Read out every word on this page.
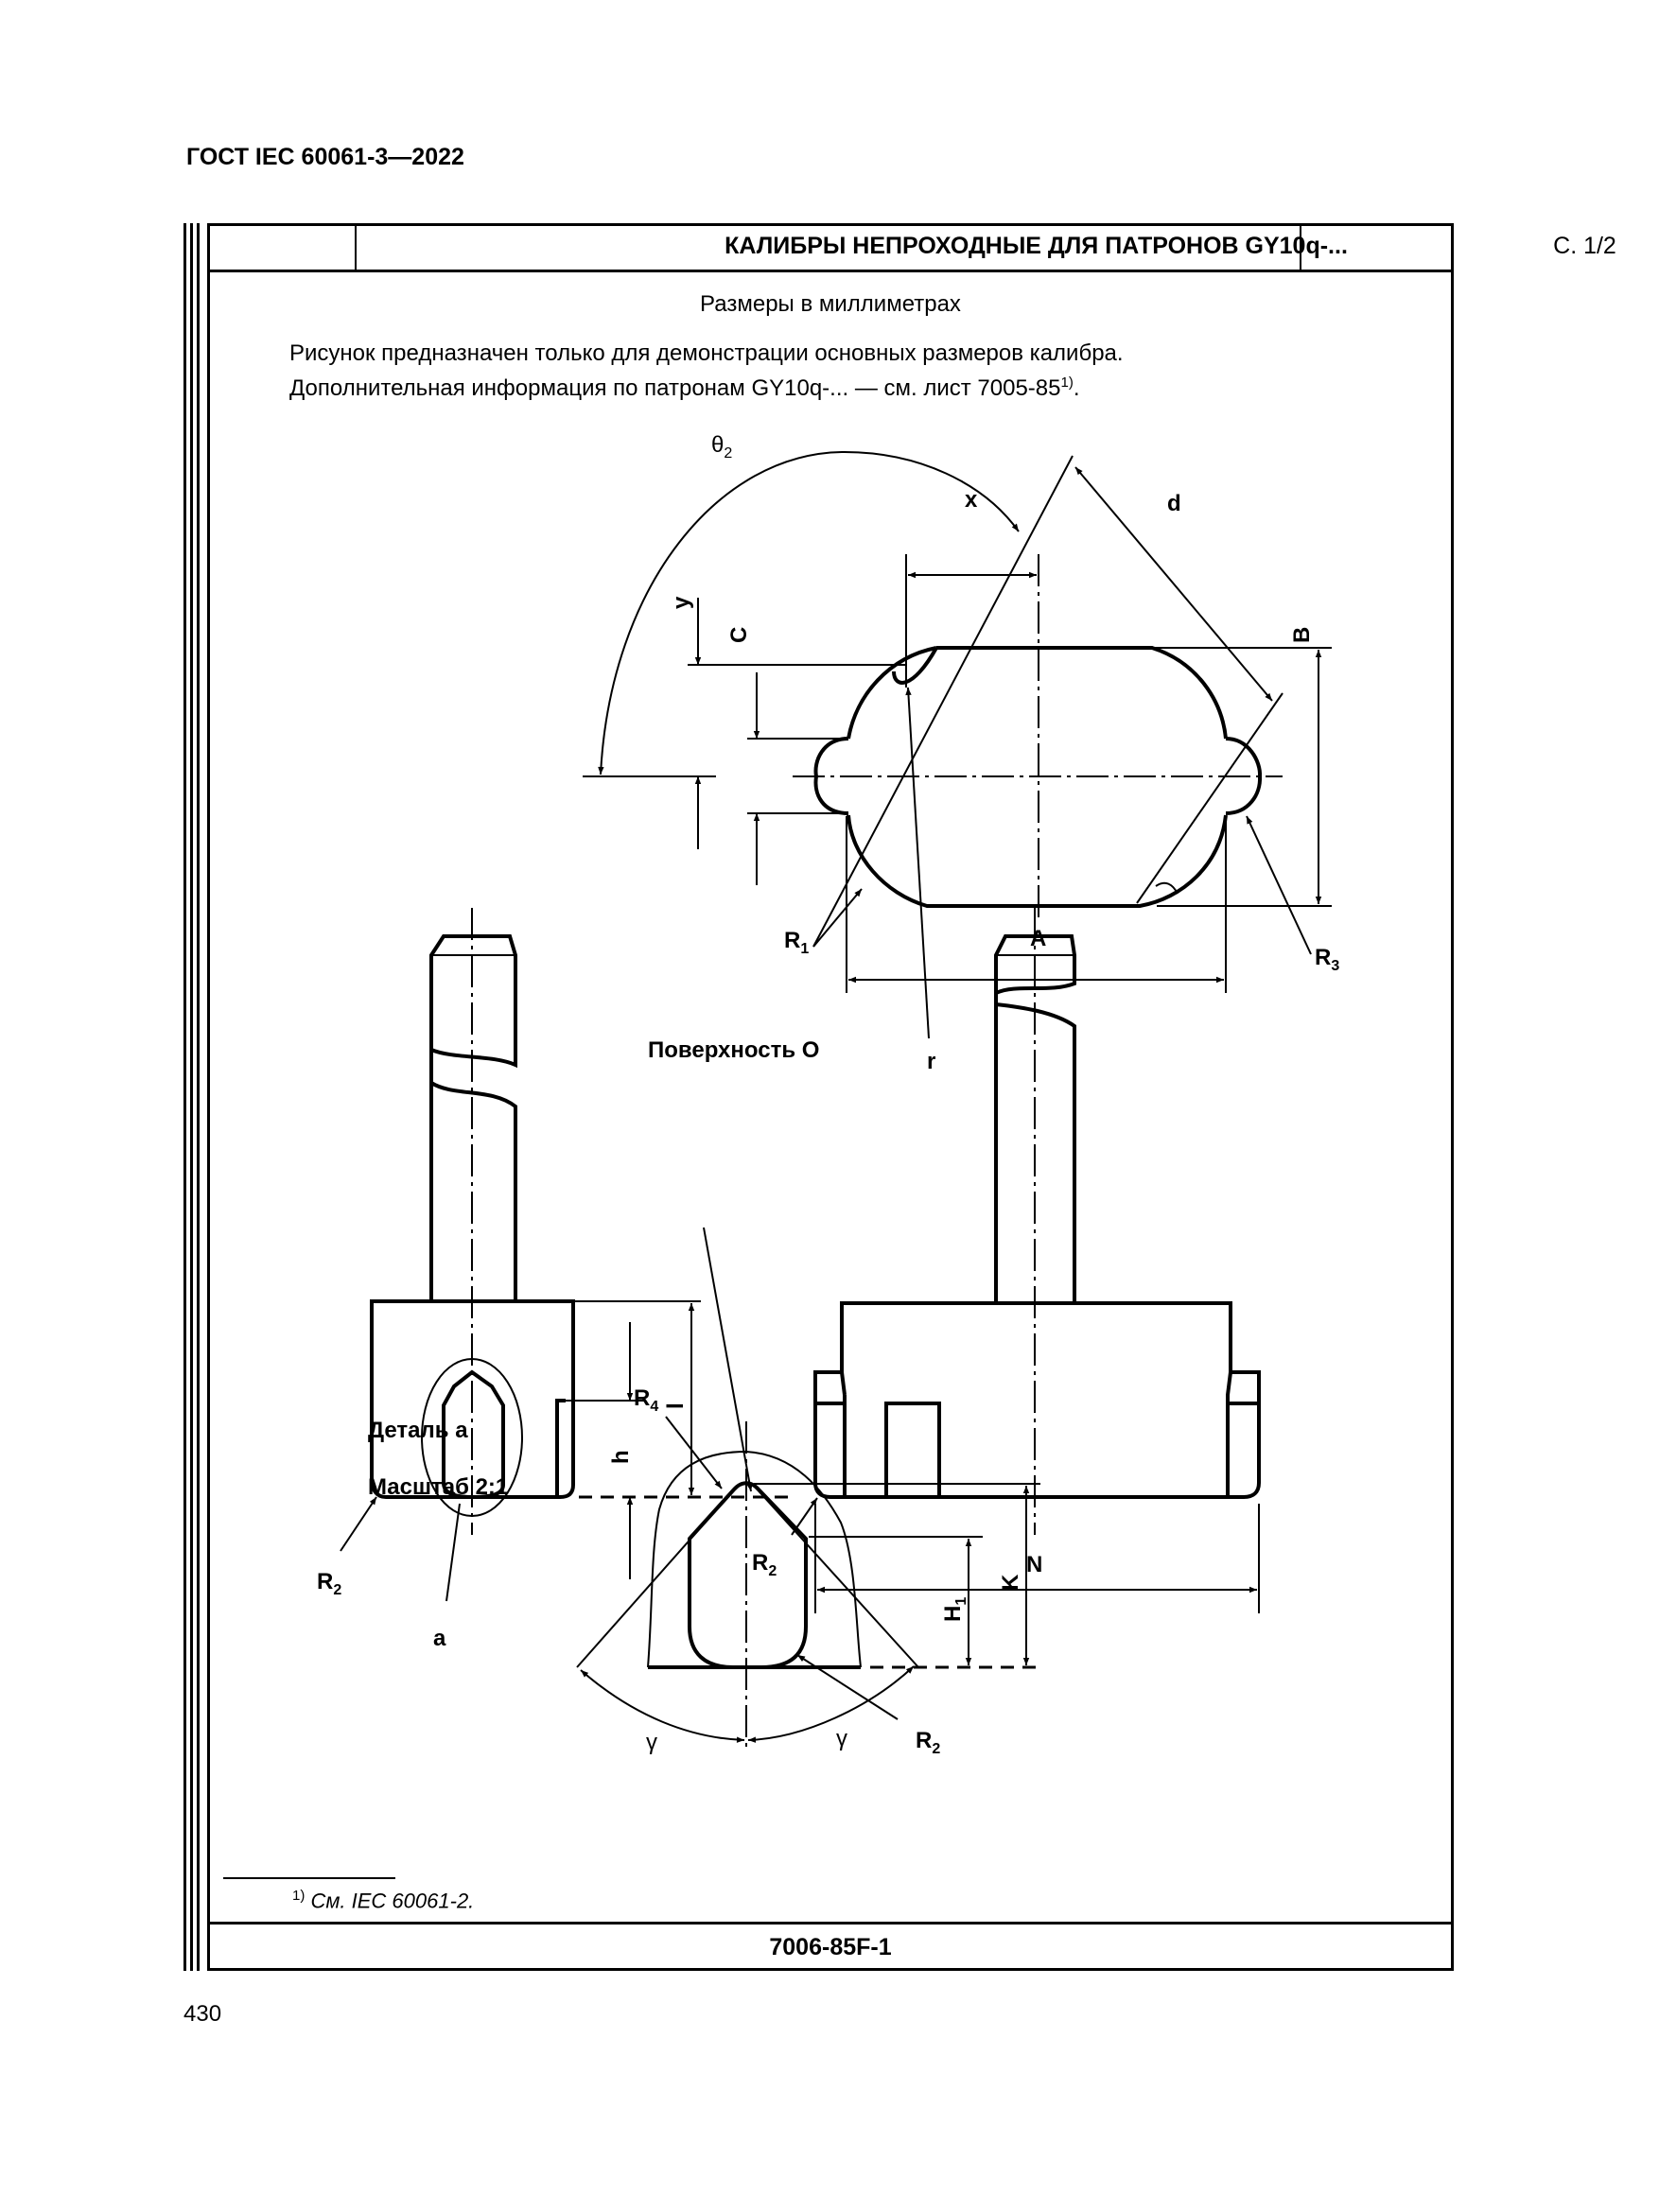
ГОСТ IEC 60061-3—2022
КАЛИБРЫ НЕПРОХОДНЫЕ ДЛЯ ПАТРОНОВ GY10q-...	С. 1/2
Размеры в миллиметрах
Рисунок предназначен только для демонстрации основных размеров калибра.
Дополнительная информация по патронам GY10q-... — см. лист 7005-85$^{1)}$.
$\theta_2$
x	d
y
C	B
A
$R_1$	$R_3$
r
Поверхность О
h
l
$R_2$
a
N
$R_2$
Деталь а
Масштаб 2:1
$R_4$
$R_2$
$H_1$
K
γ	γ
$^{1)}$ См. IEC 60061-2.
7006-85F-1
430
